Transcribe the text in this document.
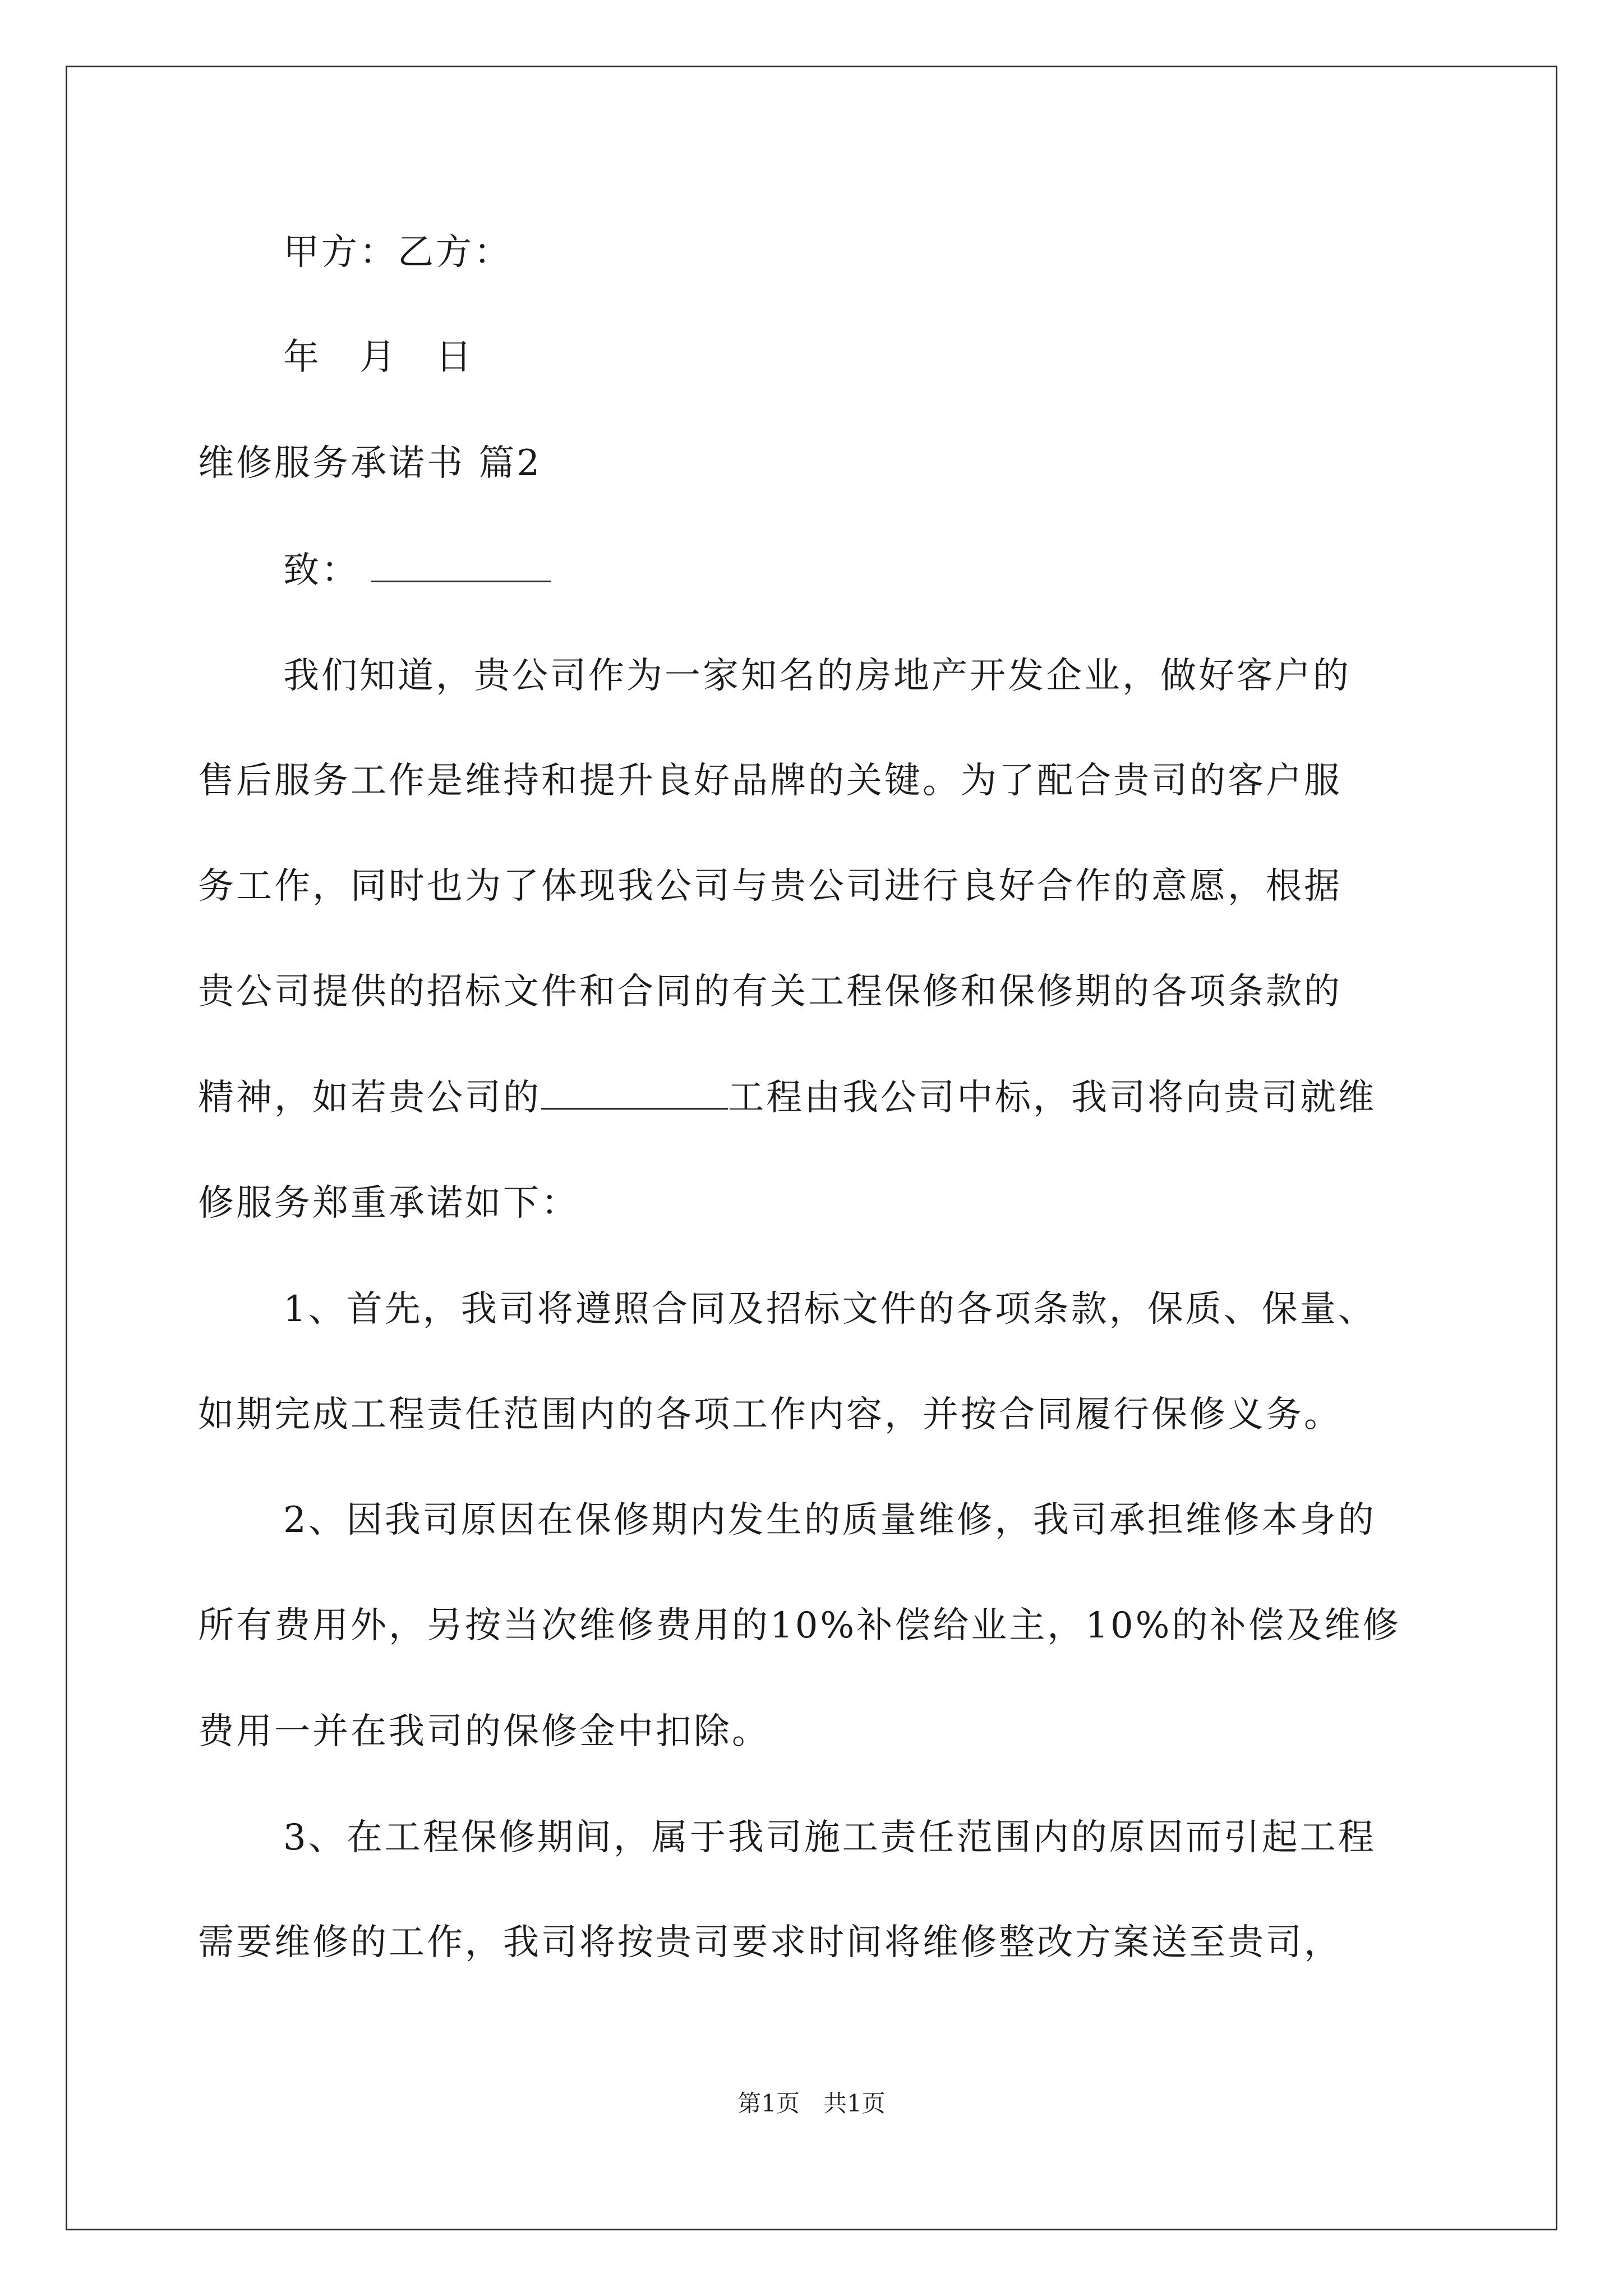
甲方：乙方：
年　月　日
维修服务承诺书 篇2
致：
我们知道，贵公司作为一家知名的房地产开发企业，做好客户的
售后服务工作是维持和提升良好品牌的关键。为了配合贵司的客户服
务工作，同时也为了体现我公司与贵公司进行良好合作的意愿，根据
贵公司提供的招标文件和合同的有关工程保修和保修期的各项条款的
精神，如若贵公司的	工程由我公司中标，我司将向贵司就维
修服务郑重承诺如下：
1、首先，我司将遵照合同及招标文件的各项条款，保质、保量、
如期完成工程责任范围内的各项工作内容，并按合同履行保修义务。
2、因我司原因在保修期内发生的质量维修，我司承担维修本身的
所有费用外，另按当次维修费用的10%补偿给业主，10%的补偿及维修
费用一并在我司的保修金中扣除。
3、在工程保修期间，属于我司施工责任范围内的原因而引起工程
需要维修的工作，我司将按贵司要求时间将维修整改方案送至贵司，
第1页　共1页
